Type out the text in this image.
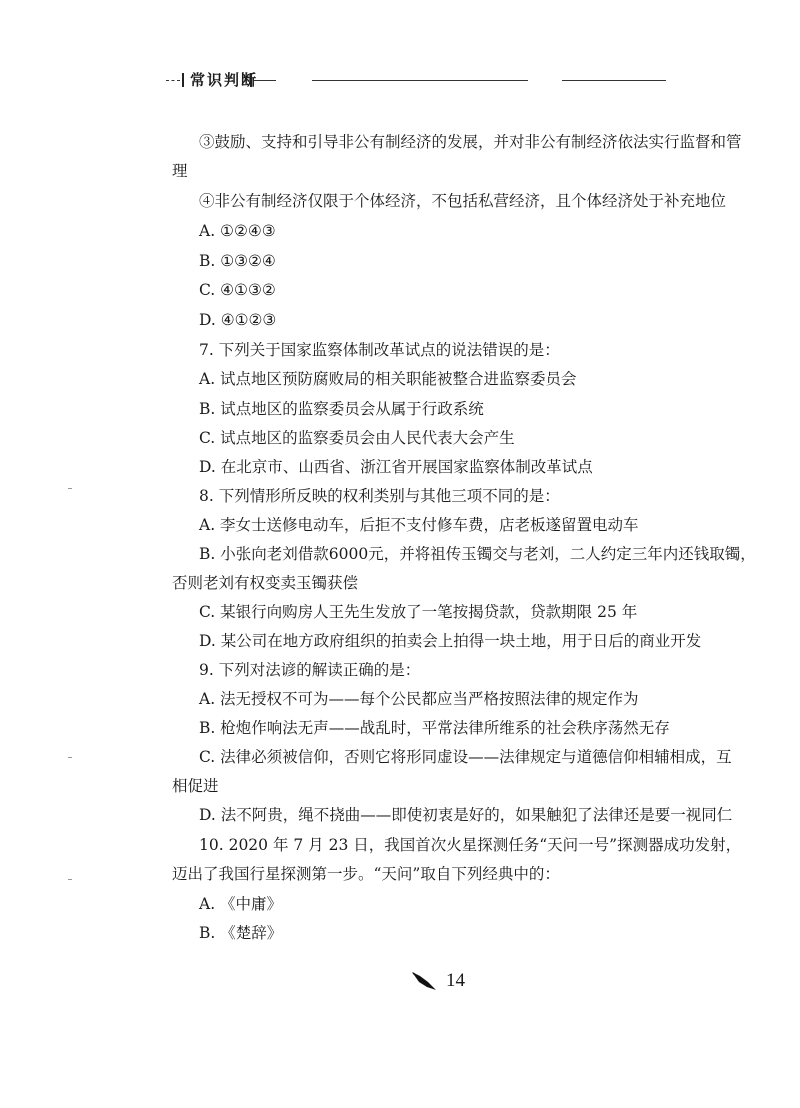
常识判断
③鼓励、支持和引导非公有制经济的发展，并对非公有制经济依法实行监督和管
理
④非公有制经济仅限于个体经济，不包括私营经济，且个体经济处于补充地位
A. ①②④③
B. ①③②④
C. ④①③②
D. ④①②③
7. 下列关于国家监察体制改革试点的说法错误的是：
A. 试点地区预防腐败局的相关职能被整合进监察委员会
B. 试点地区的监察委员会从属于行政系统
C. 试点地区的监察委员会由人民代表大会产生
D. 在北京市、山西省、浙江省开展国家监察体制改革试点
8. 下列情形所反映的权利类别与其他三项不同的是：
A. 李女士送修电动车，后拒不支付修车费，店老板遂留置电动车
B. 小张向老刘借款6000元，并将祖传玉镯交与老刘，二人约定三年内还钱取镯，
否则老刘有权变卖玉镯获偿
C. 某银行向购房人王先生发放了一笔按揭贷款，贷款期限 25 年
D. 某公司在地方政府组织的拍卖会上拍得一块土地，用于日后的商业开发
9. 下列对法谚的解读正确的是：
A. 法无授权不可为——每个公民都应当严格按照法律的规定作为
B. 枪炮作响法无声——战乱时，平常法律所维系的社会秩序荡然无存
C. 法律必须被信仰，否则它将形同虚设——法律规定与道德信仰相辅相成，互
相促进
D. 法不阿贵，绳不挠曲——即使初衷是好的，如果触犯了法律还是要一视同仁
10. 2020 年 7 月 23 日，我国首次火星探测任务“天问一号”探测器成功发射，
迈出了我国行星探测第一步。“天问”取自下列经典中的：
A. 《中庸》
B. 《楚辞》
14
